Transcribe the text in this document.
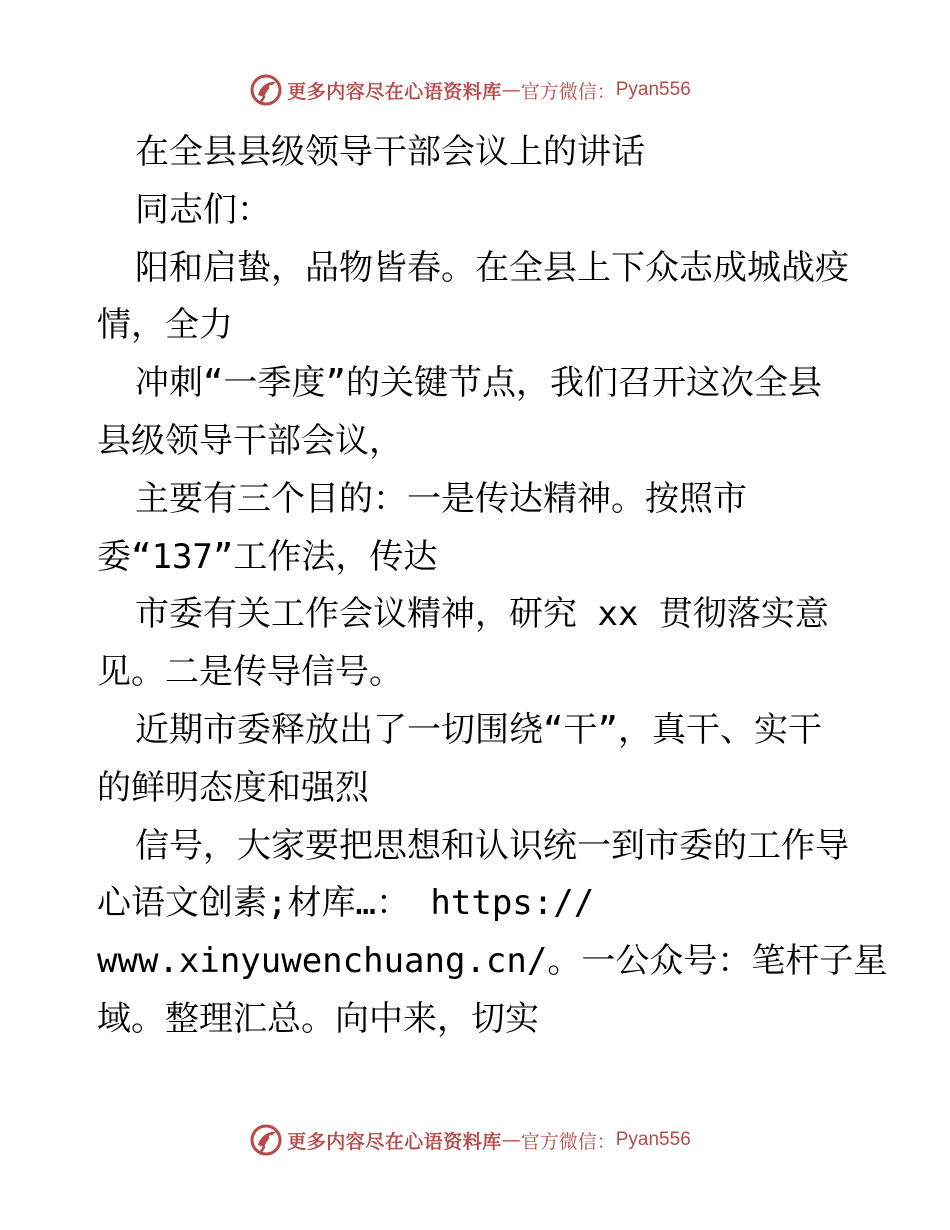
更多内容尽在心语资料库 — 官方微信： Pyan556
在全县县级领导干部会议上的讲话
同志们：
阳和启蛰，品物皆春。在全县上下众志成城战疫
情，全力
冲刺“一季度”的关键节点，我们召开这次全县
县级领导干部会议，
主要有三个目的：一是传达精神。按照市
委“137”工作法，传达
市委有关工作会议精神，研究 xx 贯彻落实意
见。二是传导信号。
近期市委释放出了一切围绕“干”，真干、实干
的鲜明态度和强烈
信号，大家要把思想和认识统一到市委的工作导
心语文创素;材库…： https://
www.xinyuwenchuang.cn/。一公众号：笔杆子星
域。整理汇总。向中来，切实
更多内容尽在心语资料库 — 官方微信： Pyan556
